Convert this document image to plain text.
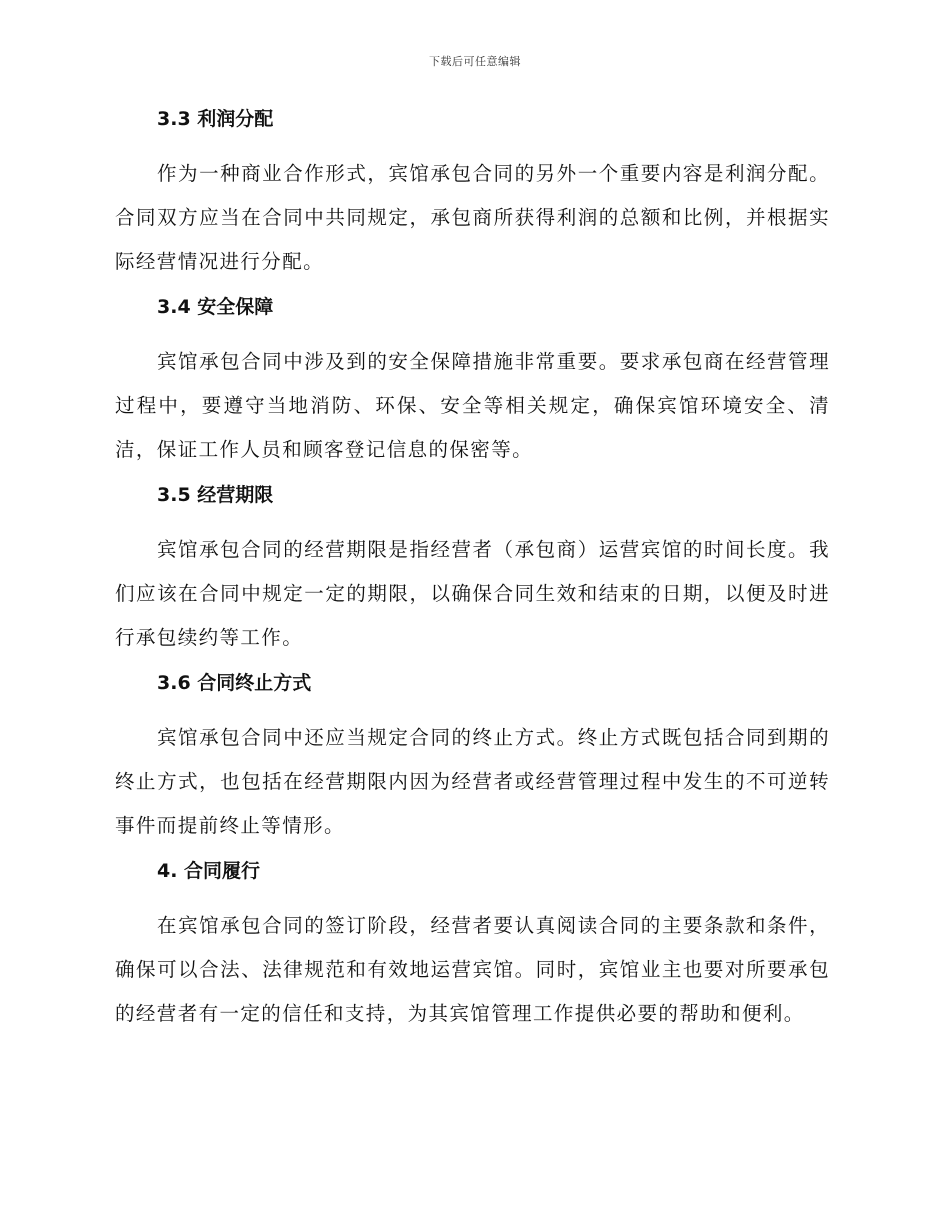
下载后可任意编辑
3.3 利润分配

作为一种商业合作形式，宾馆承包合同的另外一个重要内容是利润分配。合同双方应当在合同中共同规定，承包商所获得利润的总额和比例，并根据实际经营情况进行分配。

3.4 安全保障

宾馆承包合同中涉及到的安全保障措施非常重要。要求承包商在经营管理过程中，要遵守当地消防、环保、安全等相关规定，确保宾馆环境安全、清洁，保证工作人员和顾客登记信息的保密等。

3.5 经营期限

宾馆承包合同的经营期限是指经营者（承包商）运营宾馆的时间长度。我们应该在合同中规定一定的期限，以确保合同生效和结束的日期，以便及时进行承包续约等工作。

3.6 合同终止方式

宾馆承包合同中还应当规定合同的终止方式。终止方式既包括合同到期的终止方式，也包括在经营期限内因为经营者或经营管理过程中发生的不可逆转事件而提前终止等情形。

4. 合同履行

在宾馆承包合同的签订阶段，经营者要认真阅读合同的主要条款和条件，确保可以合法、法律规范和有效地运营宾馆。同时，宾馆业主也要对所要承包的经营者有一定的信任和支持，为其宾馆管理工作提供必要的帮助和便利。
